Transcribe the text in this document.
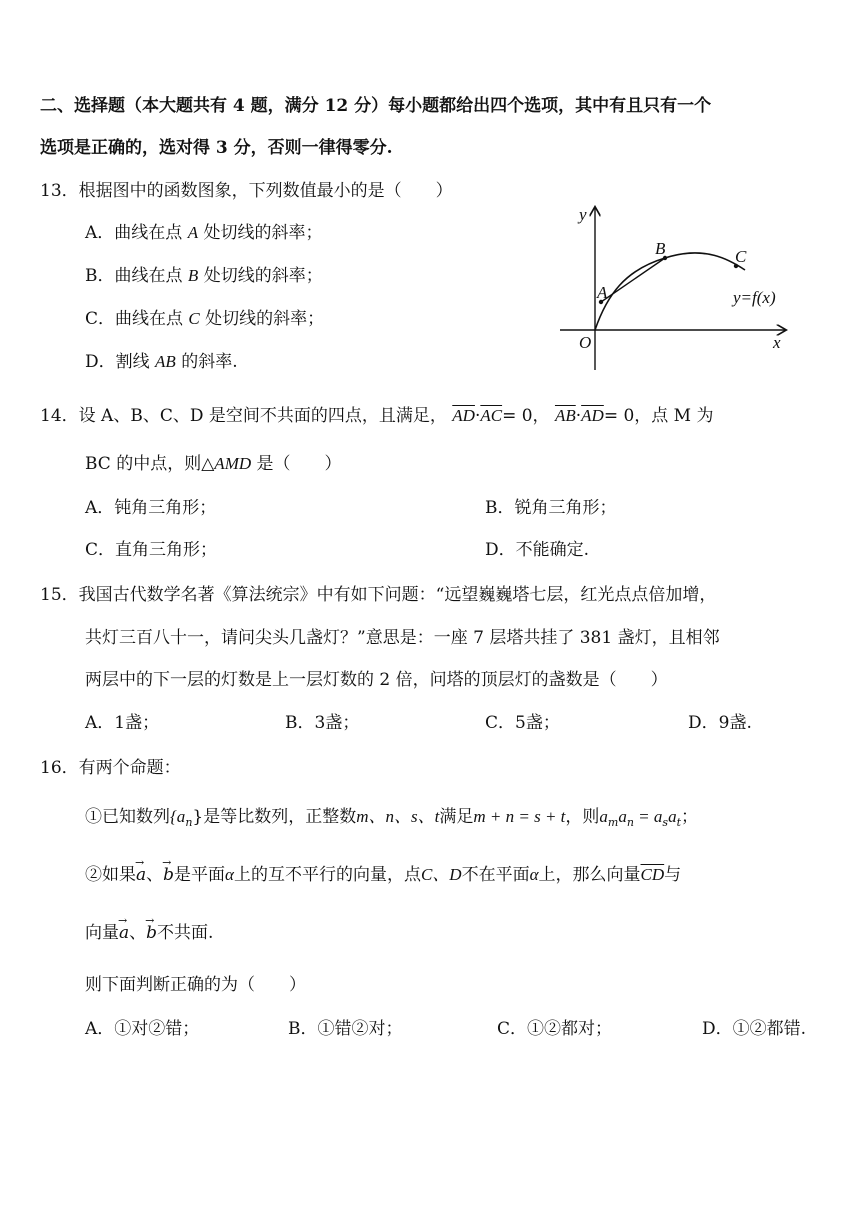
二、选择题（本大题共有 4 题，满分 12 分）每小题都给出四个选项，其中有且只有一个
选项是正确的，选对得 3 分，否则一律得零分.
13．根据图中的函数图象，下列数值最小的是（　　）
A．曲线在点 A 处切线的斜率；
B．曲线在点 B 处切线的斜率；
C．曲线在点 C 处切线的斜率；
D．割线 AB 的斜率.
y
x
O
A
B	C
y=f(x)
14．设 A、B、C、D 是空间不共面的四点，且满足， $\overline{AD}\cdot\overline{AC}= 0$， $\overline{AB}\cdot\overline{AD}= 0$，点 M 为
BC 的中点，则△AMD 是（　　）
A．钝角三角形；	B．锐角三角形；
C．直角三角形；	D．不能确定.
15．我国古代数学名著《算法统宗》中有如下问题：“远望巍巍塔七层，红光点点倍加增，
共灯三百八十一，请问尖头几盏灯？”意思是：一座 7 层塔共挂了 381 盏灯，且相邻
两层中的下一层的灯数是上一层灯数的 2 倍，问塔的顶层灯的盏数是（　　）
A．1盏；	B．3盏；	C．5盏；	D．9盏.
16．有两个命题：
①已知数列$\{a_n\}$是等比数列，正整数m、n、s、t满足m + n = s + t，则$a_ma_n = a_sa_t$；
②如果→ a、→ b是平面α上的互不平行的向量，点C、D不在平面α上，那么向量$\overline{CD}$与
向量→ a、→ b不共面.
则下面判断正确的为（　　）
A．①对②错；	B．①错②对；	C．①②都对；	D．①②都错.
